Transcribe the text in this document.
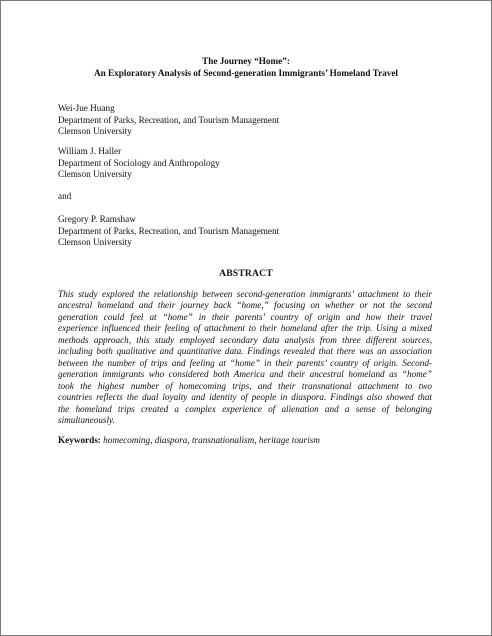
The Journey “Home”:
An Exploratory Analysis of Second-generation Immigrants’ Homeland Travel
Wei-Jue Huang
Department of Parks, Recreation, and Tourism Management
Clemson University
William J. Haller
Department of Sociology and Anthropology
Clemson University
and
Gregory P. Ramshaw
Department of Parks, Recreation, and Tourism Management
Clemson University
ABSTRACT
This study explored the relationship between second-generation immigrants’ attachment to their
ancestral homeland and their journey back “home,” focusing on whether or not the second
generation could feel at “home” in their parents’ country of origin and how their travel
experience influenced their feeling of attachment to their homeland after the trip. Using a mixed
methods approach, this study employed secondary data analysis from three different sources,
including both qualitative and quantitative data. Findings revealed that there was an association
between the number of trips and feeling at “home” in their parents’ country of origin. Second-
generation immigrants who considered both America and their ancestral homeland as “home”
took the highest number of homecoming trips, and their transnational attachment to two
countries reflects the dual loyalty and identity of people in diaspora. Findings also showed that
the homeland trips created a complex experience of alienation and a sense of belonging
simultaneously.
Keywords: homecoming, diaspora, transnationalism, heritage tourism
